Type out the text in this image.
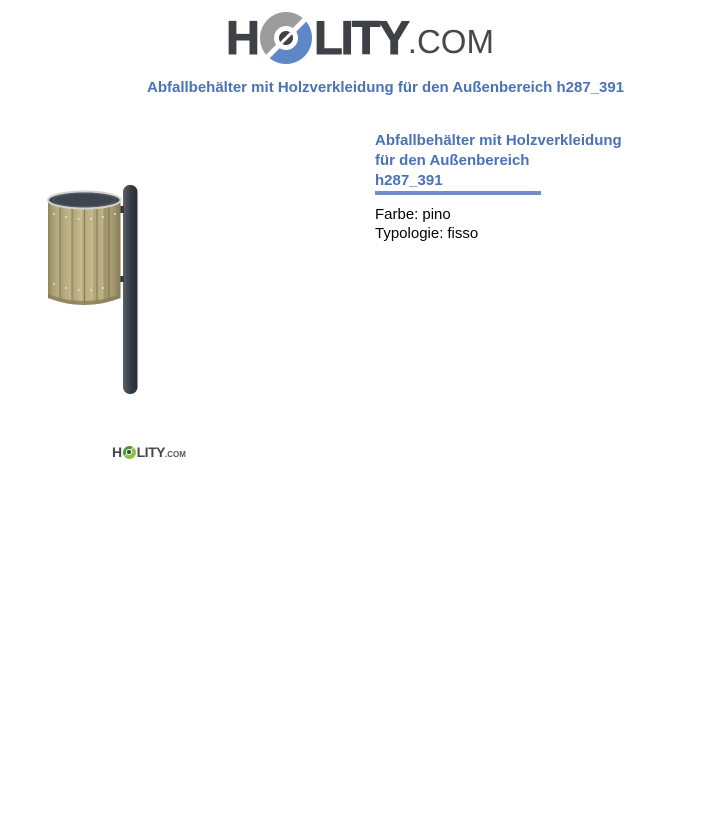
H LITY .COM
Abfallbehälter mit Holzverkleidung für den Außenbereich h287_391
H LITY .COM
Abfallbehälter mit Holzverkleidung
für den Außenbereich
h287_391
Farbe: pino
Typologie: fisso
